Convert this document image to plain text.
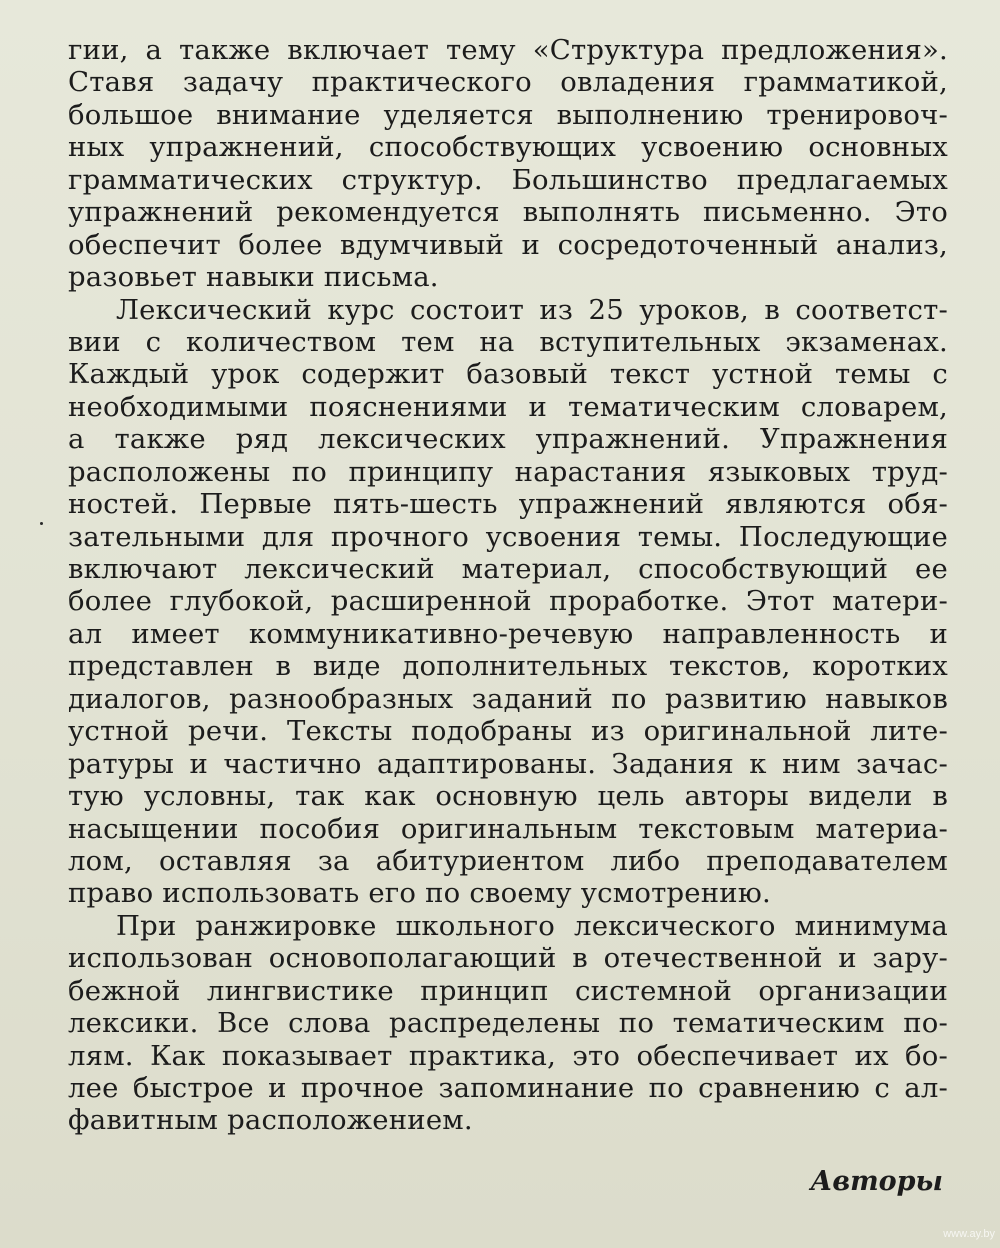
гии, а также включает тему «Структура предложения».
Ставя задачу практического овладения грамматикой,
большое внимание уделяется выполнению тренировоч-
ных упражнений, способствующих усвоению основных
грамматических структур. Большинство предлагаемых
упражнений рекомендуется выполнять письменно. Это
обеспечит более вдумчивый и сосредоточенный анализ,
разовьет навыки письма.
Лексический курс состоит из 25 уроков, в соответст-
вии с количеством тем на вступительных экзаменах.
Каждый урок содержит базовый текст устной темы с
необходимыми пояснениями и тематическим словарем,
а также ряд лексических упражнений. Упражнения
расположены по принципу нарастания языковых труд-
ностей. Первые пять-шесть упражнений являются обя-
зательными для прочного усвоения темы. Последующие
включают лексический материал, способствующий ее
более глубокой, расширенной проработке. Этот матери-
ал имеет коммуникативно-речевую направленность и
представлен в виде дополнительных текстов, коротких
диалогов, разнообразных заданий по развитию навыков
устной речи. Тексты подобраны из оригинальной лите-
ратуры и частично адаптированы. Задания к ним зачас-
тую условны, так как основную цель авторы видели в
насыщении пособия оригинальным текстовым материа-
лом, оставляя за абитуриентом либо преподавателем
право использовать его по своему усмотрению.
При ранжировке школьного лексического минимума
использован основополагающий в отечественной и зару-
бежной лингвистике принцип системной организации
лексики. Все слова распределены по тематическим по-
лям. Как показывает практика, это обеспечивает их бо-
лее быстрое и прочное запоминание по сравнению с ал-
фавитным расположением.
Авторы
www.ay.by
